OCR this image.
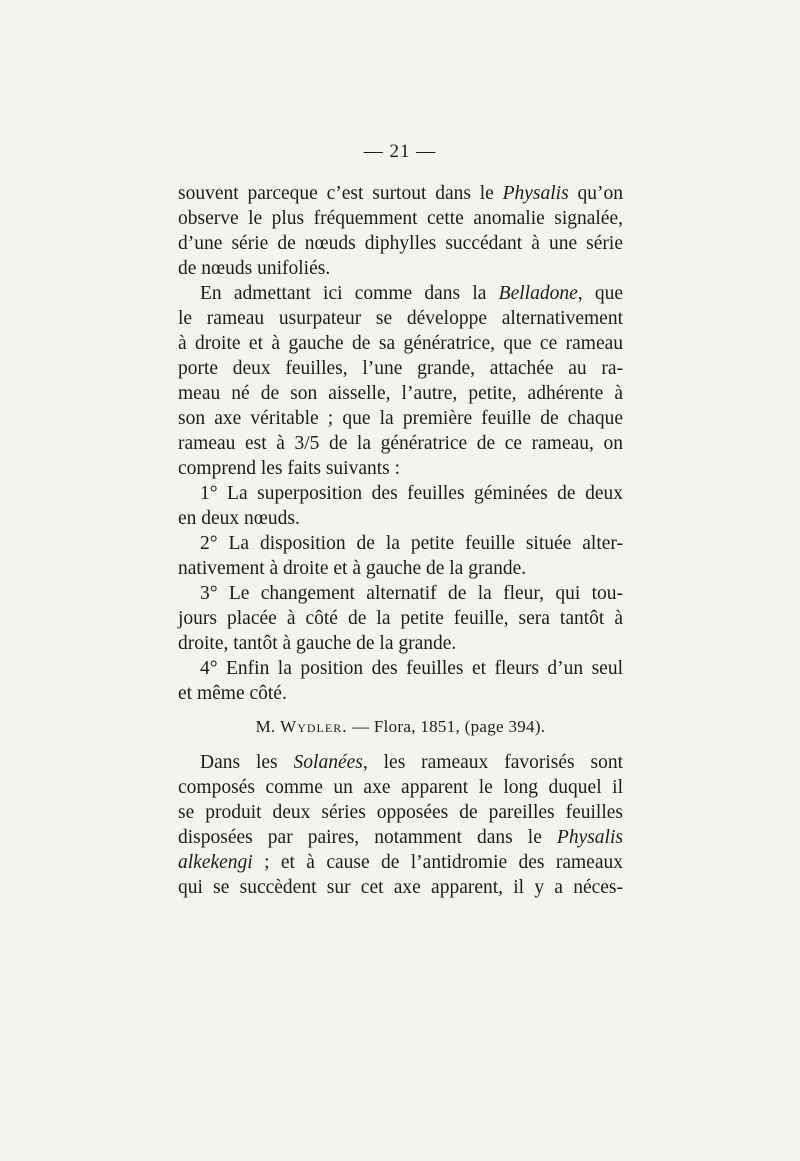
— 21 —
souvent parceque c’est surtout dans le Physalis qu’on
observe le plus fréquemment cette anomalie signalée,
d’une série de nœuds diphylles succédant à une série
de nœuds unifoliés.
En admettant ici comme dans la Belladone, que
le rameau usurpateur se développe alternativement
à droite et à gauche de sa génératrice, que ce rameau
porte deux feuilles, l’une grande, attachée au ra-
meau né de son aisselle, l’autre, petite, adhérente à
son axe véritable ; que la première feuille de chaque
rameau est à 3/5 de la génératrice de ce rameau, on
comprend les faits suivants :
1° La superposition des feuilles géminées de deux
en deux nœuds.
2° La disposition de la petite feuille située alter-
nativement à droite et à gauche de la grande.
3° Le changement alternatif de la fleur, qui tou-
jours placée à côté de la petite feuille, sera tantôt à
droite, tantôt à gauche de la grande.
4° Enfin la position des feuilles et fleurs d’un seul
et même côté.
M. Wydler. — Flora, 1851, (page 394).
Dans les Solanées, les rameaux favorisés sont
composés comme un axe apparent le long duquel il
se produit deux séries opposées de pareilles feuilles
disposées par paires, notamment dans le Physalis
alkekengi ; et à cause de l’antidromie des rameaux
qui se succèdent sur cet axe apparent, il y a néces-
